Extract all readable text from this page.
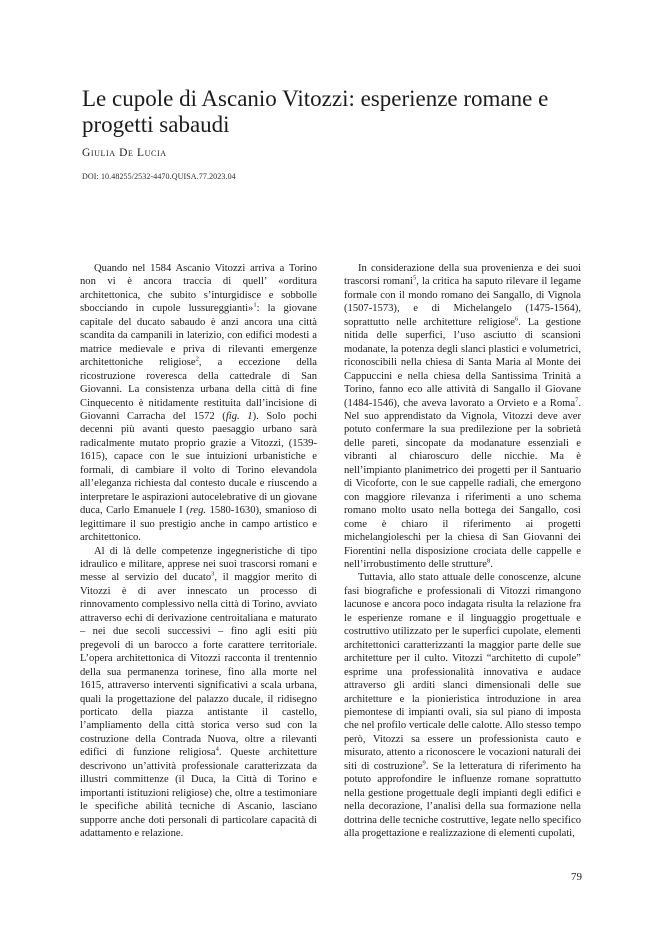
Le cupole di Ascanio Vitozzi: esperienze romane e progetti sabaudi
Giulia De Lucia
DOI: 10.48255/2532-4470.QUISA.77.2023.04

Quando nel 1584 Ascanio Vitozzi arriva a Torino non vi è ancora traccia di quell’ «orditura architettonica, che subito s’inturgidisce e sobbolle sbocciando in cupole lussureggianti»$^1$: la giovane capitale del ducato sabaudo è anzi ancora una città scandita da campanili in laterizio, con edifici modesti a matrice medievale e priva di rilevanti emergenze architettoniche religiose$^2$, a eccezione della ricostruzione roveresca della cattedrale di San Giovanni. La consistenza urbana della città di fine Cinquecento è nitidamente restituita dall’incisione di Giovanni Carracha del 1572 (fig. 1). Solo pochi decenni più avanti questo paesaggio urbano sarà radicalmente mutato proprio grazie a Vitozzi, (1539-1615), capace con le sue intuizioni urbanistiche e formali, di cambiare il volto di Torino elevandola all’eleganza richiesta dal contesto ducale e riuscendo a interpretare le aspirazioni autocelebrative di un giovane duca, Carlo Emanuele I (reg. 1580-1630), smanioso di legittimare il suo prestigio anche in campo artistico e architettonico.

Al di là delle competenze ingegneristiche di tipo idraulico e militare, apprese nei suoi trascorsi romani e messe al servizio del ducato$^3$, il maggior merito di Vitozzi è di aver innescato un processo di rinnovamento complessivo nella città di Torino, avviato attraverso echi di derivazione centroitaliana e maturato – nei due secoli successivi – fino agli esiti più pregevoli di un barocco a forte carattere territoriale. L’opera architettonica di Vitozzi racconta il trentennio della sua permanenza torinese, fino alla morte nel 1615, attraverso interventi significativi a scala urbana, quali la progettazione del palazzo ducale, il ridisegno porticato della piazza antistante il castello, l’ampliamento della città storica verso sud con la costruzione della Contrada Nuova, oltre a rilevanti edifici di funzione religiosa$^4$. Queste architetture descrivono un’attività professionale caratterizzata da illustri committenze (il Duca, la Città di Torino e importanti istituzioni religiose) che, oltre a testimoniare le specifiche abilità tecniche di Ascanio, lasciano supporre anche doti personali di particolare capacità di adattamento e relazione.

In considerazione della sua provenienza e dei suoi trascorsi romani$^5$, la critica ha saputo rilevare il legame formale con il mondo romano dei Sangallo, di Vignola (1507-1573), e di Michelangelo (1475-1564), soprattutto nelle architetture religiose$^6$. La gestione nitida delle superfici, l’uso asciutto di scansioni modanate, la potenza degli slanci plastici e volumetrici, riconoscibili nella chiesa di Santa Maria al Monte dei Cappuccini e nella chiesa della Santissima Trinità a Torino, fanno eco alle attività di Sangallo il Giovane (1484-1546), che aveva lavorato a Orvieto e a Roma$^7$. Nel suo apprendistato da Vignola, Vitozzi deve aver potuto confermare la sua predilezione per la sobrietà delle pareti, sincopate da modanature essenziali e vibranti al chiaroscuro delle nicchie. Ma è nell’impianto planimetrico dei progetti per il Santuario di Vicoforte, con le sue cappelle radiali, che emergono con maggiore rilevanza i riferimenti a uno schema romano molto usato nella bottega dei Sangallo, così come è chiaro il riferimento ai progetti michelangioleschi per la chiesa di San Giovanni dei Fiorentini nella disposizione crociata delle cappelle e nell’irrobustimento delle strutture$^8$.

Tuttavia, allo stato attuale delle conoscenze, alcune fasi biografiche e professionali di Vitozzi rimangono lacunose e ancora poco indagata risulta la relazione fra le esperienze romane e il linguaggio progettuale e costruttivo utilizzato per le superfici cupolate, elementi architettonici caratterizzanti la maggior parte delle sue architetture per il culto. Vitozzi “architetto di cupole” esprime una professionalità innovativa e audace attraverso gli arditi slanci dimensionali delle sue architetture e la pionieristica introduzione in area piemontese di impianti ovali, sia sul piano di imposta che nel profilo verticale delle calotte. Allo stesso tempo però, Vitozzi sa essere un professionista cauto e misurato, attento a riconoscere le vocazioni naturali dei siti di costruzione$^9$. Se la letteratura di riferimento ha potuto approfondire le influenze romane soprattutto nella gestione progettuale degli impianti degli edifici e nella decorazione, l’analisi della sua formazione nella dottrina delle tecniche costruttive, legate nello specifico alla progettazione e realizzazione di elementi cupolati,

79
